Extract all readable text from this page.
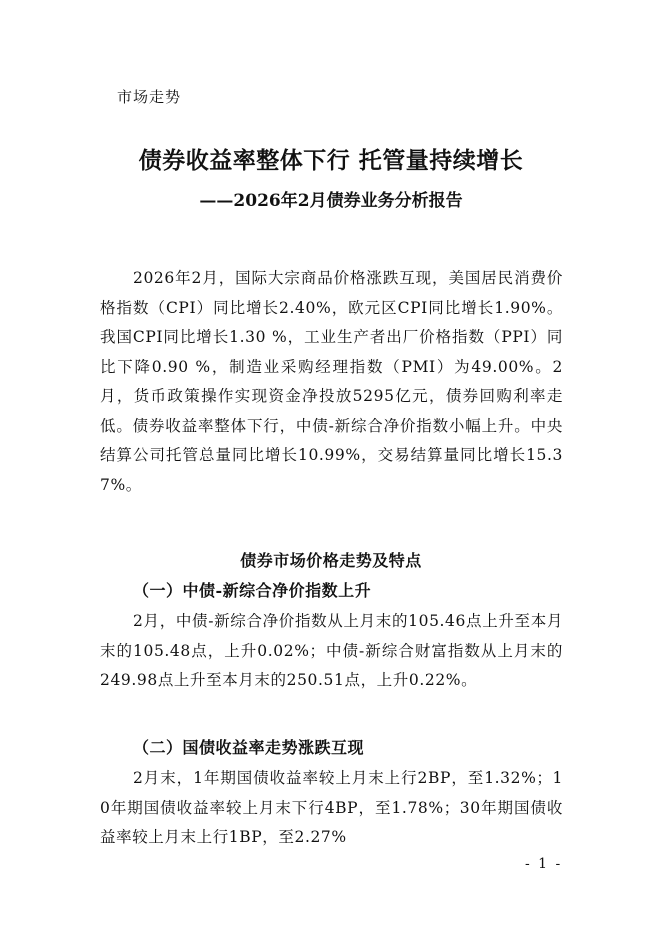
市场走势
债券收益率整体下行 托管量持续增长
——2026年2月债券业务分析报告
2026年2月，国际大宗商品价格涨跌互现，美国居民消费价格指数（CPI）同比增长2.40%，欧元区CPI同比增长1.90%。我国CPI同比增长1.30 %，工业生产者出厂价格指数（PPI）同比下降0.90 %，制造业采购经理指数（PMI）为49.00%。2月，货币政策操作实现资金净投放5295亿元，债券回购利率走低。债券收益率整体下行，中债-新综合净价指数小幅上升。中央结算公司托管总量同比增长10.99%，交易结算量同比增长15.37%。
债券市场价格走势及特点
（一）中债-新综合净价指数上升
2月，中债-新综合净价指数从上月末的105.46点上升至本月末的105.48点，上升0.02%；中债-新综合财富指数从上月末的249.98点上升至本月末的250.51点，上升0.22%。
（二）国债收益率走势涨跌互现
2月末，1年期国债收益率较上月末上行2BP，至1.32%；10年期国债收益率较上月末下行4BP，至1.78%；30年期国债收益率较上月末上行1BP，至2.27%
- 1 -
